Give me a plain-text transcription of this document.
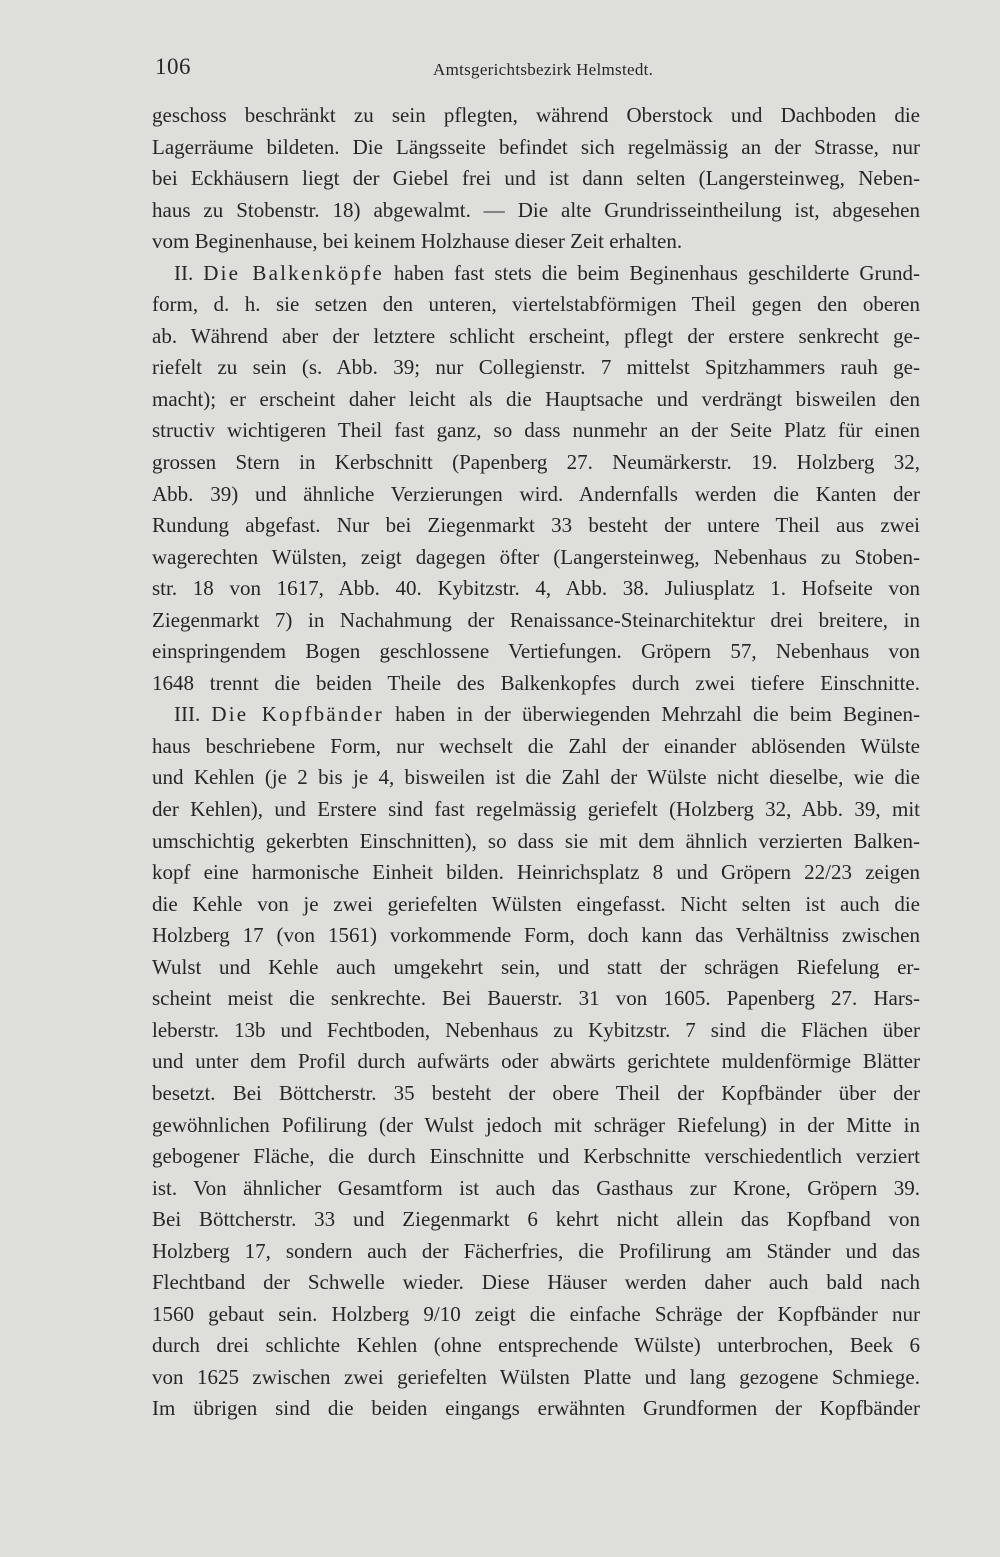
106	Amtsgerichtsbezirk Helmstedt.
geschoss beschränkt zu sein pflegten, während Oberstock und Dachboden die
Lagerräume bildeten. Die Längsseite befindet sich regelmässig an der Strasse, nur
bei Eckhäusern liegt der Giebel frei und ist dann selten (Langersteinweg, Neben-
haus zu Stobenstr. 18) abgewalmt. — Die alte Grundrisseintheilung ist, abgesehen
vom Beginenhause, bei keinem Holzhause dieser Zeit erhalten.
II. Die Balkenköpfe haben fast stets die beim Beginenhaus geschilderte Grund-
form, d. h. sie setzen den unteren, viertelstabförmigen Theil gegen den oberen
ab. Während aber der letztere schlicht erscheint, pflegt der erstere senkrecht ge-
riefelt zu sein (s. Abb. 39; nur Collegienstr. 7 mittelst Spitzhammers rauh ge-
macht); er erscheint daher leicht als die Hauptsache und verdrängt bisweilen den
structiv wichtigeren Theil fast ganz, so dass nunmehr an der Seite Platz für einen
grossen Stern in Kerbschnitt (Papenberg 27. Neumärkerstr. 19. Holzberg 32,
Abb. 39) und ähnliche Verzierungen wird. Andernfalls werden die Kanten der
Rundung abgefast. Nur bei Ziegenmarkt 33 besteht der untere Theil aus zwei
wagerechten Wülsten, zeigt dagegen öfter (Langersteinweg, Nebenhaus zu Stoben-
str. 18 von 1617, Abb. 40. Kybitzstr. 4, Abb. 38. Juliusplatz 1. Hofseite von
Ziegenmarkt 7) in Nachahmung der Renaissance-Steinarchitektur drei breitere, in
einspringendem Bogen geschlossene Vertiefungen. Gröpern 57, Nebenhaus von
1648 trennt die beiden Theile des Balkenkopfes durch zwei tiefere Einschnitte.
III. Die Kopfbänder haben in der überwiegenden Mehrzahl die beim Beginen-
haus beschriebene Form, nur wechselt die Zahl der einander ablösenden Wülste
und Kehlen (je 2 bis je 4, bisweilen ist die Zahl der Wülste nicht dieselbe, wie die
der Kehlen), und Erstere sind fast regelmässig geriefelt (Holzberg 32, Abb. 39, mit
umschichtig gekerbten Einschnitten), so dass sie mit dem ähnlich verzierten Balken-
kopf eine harmonische Einheit bilden. Heinrichsplatz 8 und Gröpern 22/23 zeigen
die Kehle von je zwei geriefelten Wülsten eingefasst. Nicht selten ist auch die
Holzberg 17 (von 1561) vorkommende Form, doch kann das Verhältniss zwischen
Wulst und Kehle auch umgekehrt sein, und statt der schrägen Riefelung er-
scheint meist die senkrechte. Bei Bauerstr. 31 von 1605. Papenberg 27. Hars-
leberstr. 13b und Fechtboden, Nebenhaus zu Kybitzstr. 7 sind die Flächen über
und unter dem Profil durch aufwärts oder abwärts gerichtete muldenförmige Blätter
besetzt. Bei Böttcherstr. 35 besteht der obere Theil der Kopfbänder über der
gewöhnlichen Pofilirung (der Wulst jedoch mit schräger Riefelung) in der Mitte in
gebogener Fläche, die durch Einschnitte und Kerbschnitte verschiedentlich verziert
ist. Von ähnlicher Gesamtform ist auch das Gasthaus zur Krone, Gröpern 39.
Bei Böttcherstr. 33 und Ziegenmarkt 6 kehrt nicht allein das Kopfband von
Holzberg 17, sondern auch der Fächerfries, die Profilirung am Ständer und das
Flechtband der Schwelle wieder. Diese Häuser werden daher auch bald nach
1560 gebaut sein. Holzberg 9/10 zeigt die einfache Schräge der Kopfbänder nur
durch drei schlichte Kehlen (ohne entsprechende Wülste) unterbrochen, Beek 6
von 1625 zwischen zwei geriefelten Wülsten Platte und lang gezogene Schmiege.
Im übrigen sind die beiden eingangs erwähnten Grundformen der Kopfbänder
